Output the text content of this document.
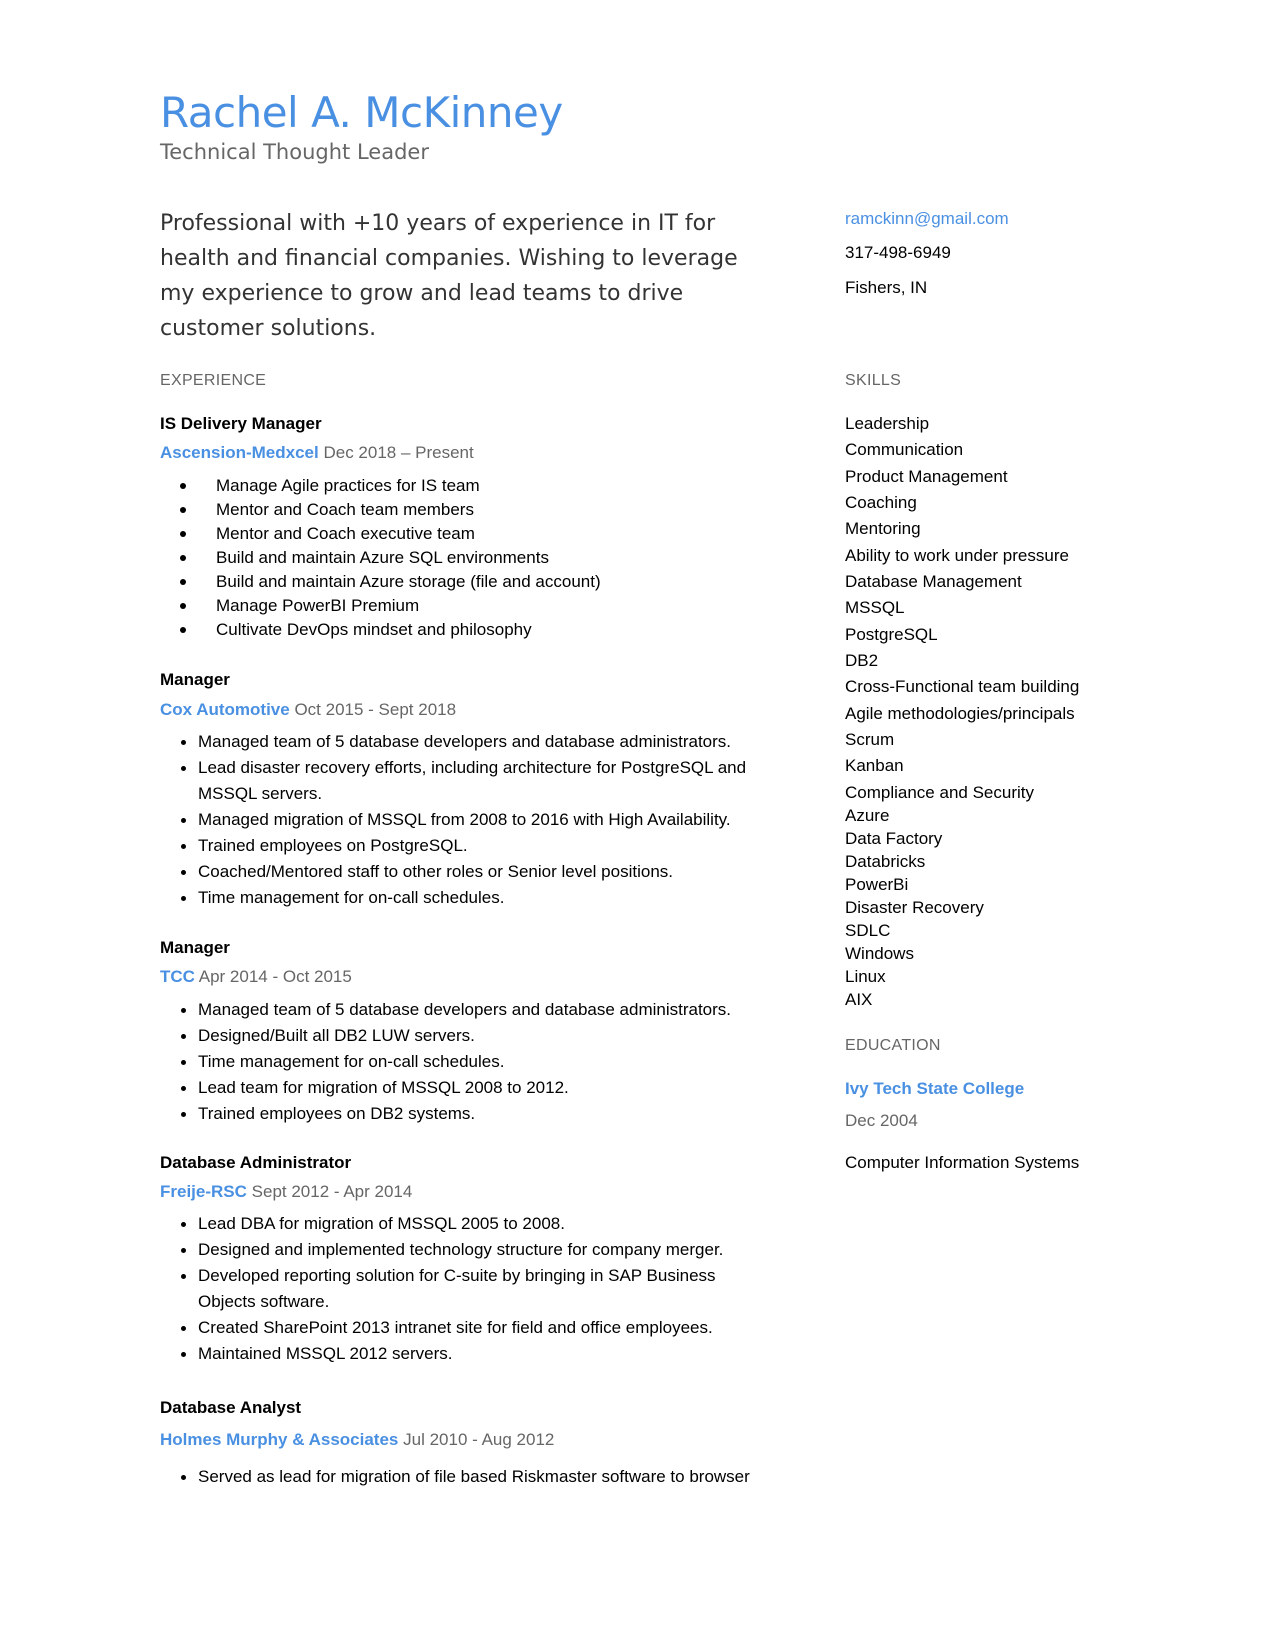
Rachel A. McKinney
Technical Thought Leader
Professional with +10 years of experience in IT for health and financial companies. Wishing to leverage my experience to grow and lead teams to drive customer solutions.
ramckinn@gmail.com
317-498-6949
Fishers, IN
EXPERIENCE
IS Delivery Manager
Ascension-Medxcel Dec 2018 – Present
Manage Agile practices for IS team
Mentor and Coach team members
Mentor and Coach executive team
Build and maintain Azure SQL environments
Build and maintain Azure storage (file and account)
Manage PowerBI Premium
Cultivate DevOps mindset and philosophy
Manager
Cox Automotive Oct 2015 - Sept 2018
Managed team of 5 database developers and database administrators.
Lead disaster recovery efforts, including architecture for PostgreSQL and MSSQL servers.
Managed migration of MSSQL from 2008 to 2016 with High Availability.
Trained employees on PostgreSQL.
Coached/Mentored staff to other roles or Senior level positions.
Time management for on-call schedules.
Manager
TCC Apr 2014 - Oct 2015
Managed team of 5 database developers and database administrators.
Designed/Built all DB2 LUW servers.
Time management for on-call schedules.
Lead team for migration of MSSQL 2008 to 2012.
Trained employees on DB2 systems.
Database Administrator
Freije-RSC Sept 2012 - Apr 2014
Lead DBA for migration of MSSQL 2005 to 2008.
Designed and implemented technology structure for company merger.
Developed reporting solution for C-suite by bringing in SAP Business Objects software.
Created SharePoint 2013 intranet site for field and office employees.
Maintained MSSQL 2012 servers.
Database Analyst
Holmes Murphy & Associates Jul 2010 - Aug 2012
Served as lead for migration of file based Riskmaster software to browser
SKILLS
Leadership
Communication
Product Management
Coaching
Mentoring
Ability to work under pressure
Database Management
MSSQL
PostgreSQL
DB2
Cross-Functional team building
Agile methodologies/principals
Scrum
Kanban
Compliance and Security
Azure
Data Factory
Databricks
PowerBi
Disaster Recovery
SDLC
Windows
Linux
AIX
EDUCATION
Ivy Tech State College
Dec 2004
Computer Information Systems
